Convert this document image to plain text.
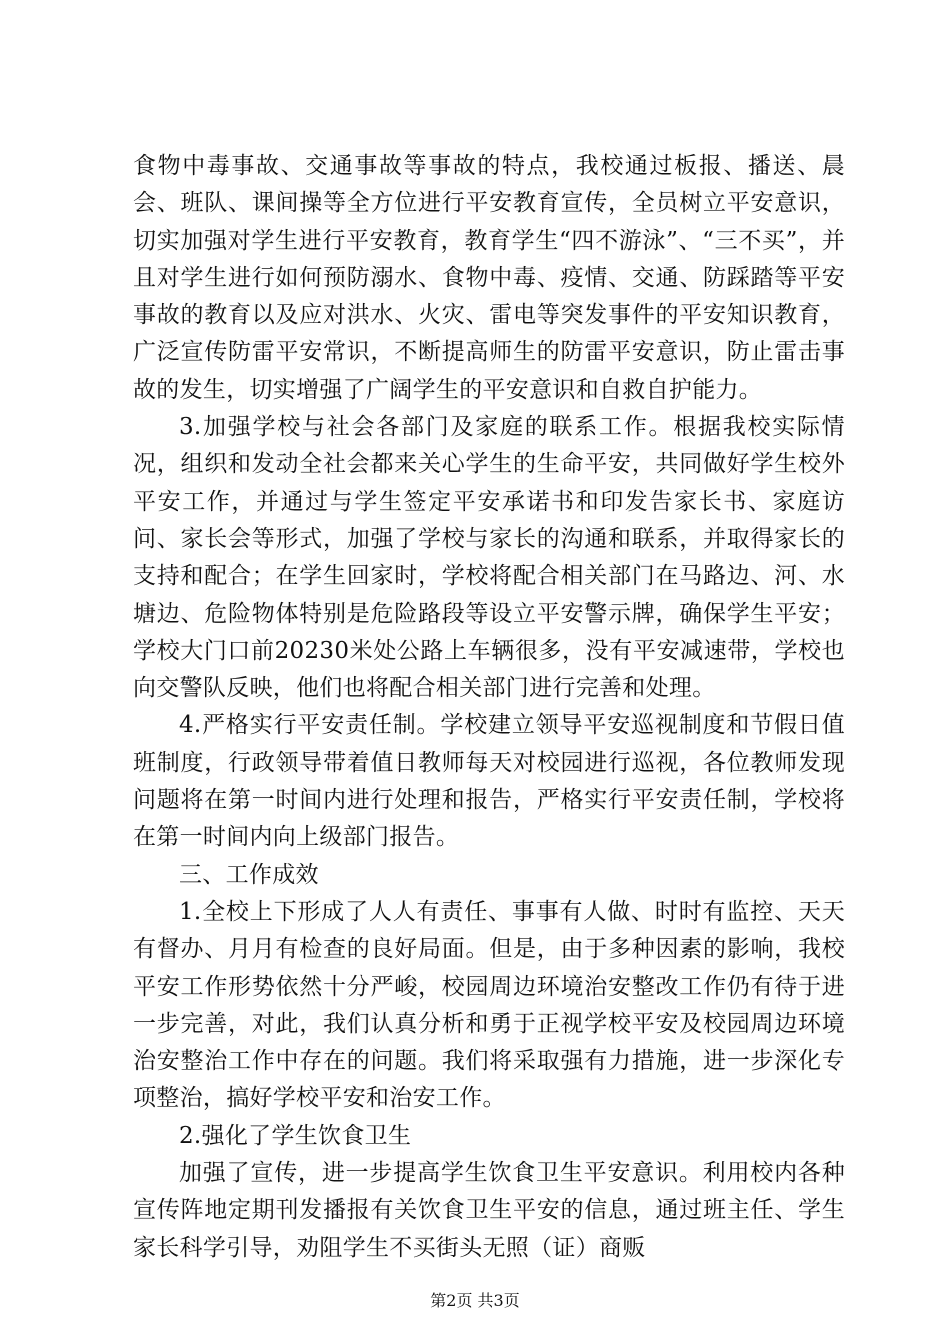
食物中毒事故、交通事故等事故的特点，我校通过板报、播送、晨会、班队、课间操等全方位进行平安教育宣传，全员树立平安意识，切实加强对学生进行平安教育，教育学生“四不游泳”、“三不买”，并且对学生进行如何预防溺水、食物中毒、疫情、交通、防踩踏等平安事故的教育以及应对洪水、火灾、雷电等突发事件的平安知识教育，广泛宣传防雷平安常识，不断提高师生的防雷平安意识，防止雷击事故的发生，切实增强了广阔学生的平安意识和自救自护能力。

3.加强学校与社会各部门及家庭的联系工作。根据我校实际情况，组织和发动全社会都来关心学生的生命平安，共同做好学生校外平安工作，并通过与学生签定平安承诺书和印发告家长书、家庭访问、家长会等形式，加强了学校与家长的沟通和联系，并取得家长的支持和配合；在学生回家时，学校将配合相关部门在马路边、河、水塘边、危险物体特别是危险路段等设立平安警示牌，确保学生平安；学校大门口前20230米处公路上车辆很多，没有平安减速带，学校也向交警队反映，他们也将配合相关部门进行完善和处理。

4.严格实行平安责任制。学校建立领导平安巡视制度和节假日值班制度，行政领导带着值日教师每天对校园进行巡视，各位教师发现问题将在第一时间内进行处理和报告，严格实行平安责任制，学校将在第一时间内向上级部门报告。

三、工作成效

1.全校上下形成了人人有责任、事事有人做、时时有监控、天天有督办、月月有检查的良好局面。但是，由于多种因素的影响，我校平安工作形势依然十分严峻，校园周边环境治安整改工作仍有待于进一步完善，对此，我们认真分析和勇于正视学校平安及校园周边环境治安整治工作中存在的问题。我们将采取强有力措施，进一步深化专项整治，搞好学校平安和治安工作。

2.强化了学生饮食卫生

加强了宣传，进一步提高学生饮食卫生平安意识。利用校内各种宣传阵地定期刊发播报有关饮食卫生平安的信息，通过班主任、学生家长科学引导，劝阻学生不买街头无照（证）商贩

第2页 共3页
